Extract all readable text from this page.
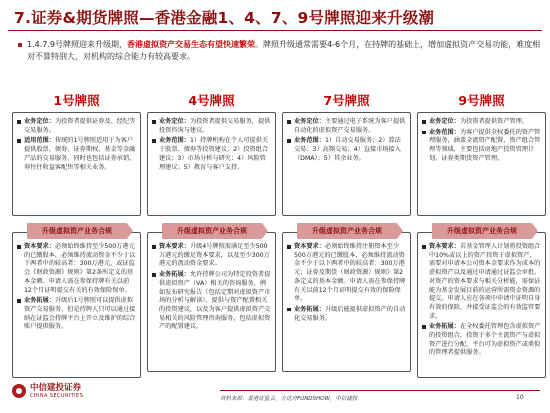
7.证券&期货牌照—香港金融1、4、7、9号牌照迎来升级潮
1.4.7.9号牌照迎来升级期，香港虚拟资产交易生态有望快速繁荣。牌照升级通常需要4-6个月，在持牌的基础上，增加虚拟资产交易功能，难度相对不算特别大，对机构的综合能力有较高要求。
1号牌照
业务定位：为投资者提供证券及、经纪等交易服务。
适用范围：传统的1号牌照适用于为客户提供股票、债券、证券期权、基金等金融产品的交易服务，同时也包括证券承销、券往往收益客配售等相关业务。
升级虚拟资产业务合规
资本要求：必须始终维持至少500万港元的已缴股本，必须维持流动资金不少于以下两者中的较高者：300万港元，或证监会《财政资源》规则》第2条所定义的基本金额。申请人需在参保持牌有关以前12个月证明提交有关的有效保险保单。
业务拓展：升级后1号牌照可以提供虚拟资产交易服务，但是持牌人只可以通过接纳在证监会持牌平台上开立及维护的综合账户提供服务。
4号牌照
业务定位：为投资者提供交易服务，提供投资咨询与建议。
业务范围：1）持牌机构在个人可提供关于股票、债券等投资建议；2）投资组合建议；3）市场分析与研究；4）风险管理建议；5）教育与客户支持。
升级虚拟资产业务合规
资本要求：升级4号牌照需满足至少500万港元的缴足资本要求，以及至少300万港元的流动资金要求。
业务拓展：允许持牌公司为特定投资者提供虚拟资产（VA）相关的咨询服务，例如发布研究报告（包括定期对虚拟资产市场的分析与解读）、提供与资产配置相关的投资建议，以及为客户提供虚拟资产交易相关的风险管理咨询服务，包括虚拟资产的配置建议。
7号牌照
业务定位：主要通过电子系统为客户提供自动化的虚拟资产交易服务。
业务范围：1）自动交易服务；2）算法交易；3）高频交易；4）直接市场接入（DMA）；5）其余业务。
升级虚拟资产业务合规
资本要求：必须始终维持注册资本至少500万港元的已缴股本，必须维持流动资金不少于以下两者中的较高者：300万港元；证券及期货（财政资源）规则》第2条定义的基本金额。申请人需在参保持牌有关以前12个月证明提交有效的保险保单。
业务拓展：升级后能提供虚拟资产的自动化交易服务。
9号牌照
业务定位：为投资者提供资产管理。
业务范围：为客户提供全权委托的资产管理服务，涵盖全流资产配置、资产组合管理等领域，主要包括房地产投资管理计划、证券类期货资产管理。
升级虚拟资产业务合规
资本要求：若基金管理人计划将投资组合中10%或以上的资产投资于虚拟资产，需要对申请本公司资本金要求作为成本的虚拟资产以及通过申请通过证监会审批。对资产的资本要求与相关分析能，需保证能为基金发展目前的运营所需资金资源的提交。申请人应在各项中申请中证明自身有效的保险，并接受证监会的有效监管要求。
业务拓展：在全权委托管理包含虚拟资产的投资组合，投资于多个主流资产与虚拟资产进行分配，平台可为虚拟资产或类似的管理者提供服务。
中信建投证券
CHINA SECURITIES	资料来源：香港证监会，方达舟FUNDSHOW，中信建投	10
